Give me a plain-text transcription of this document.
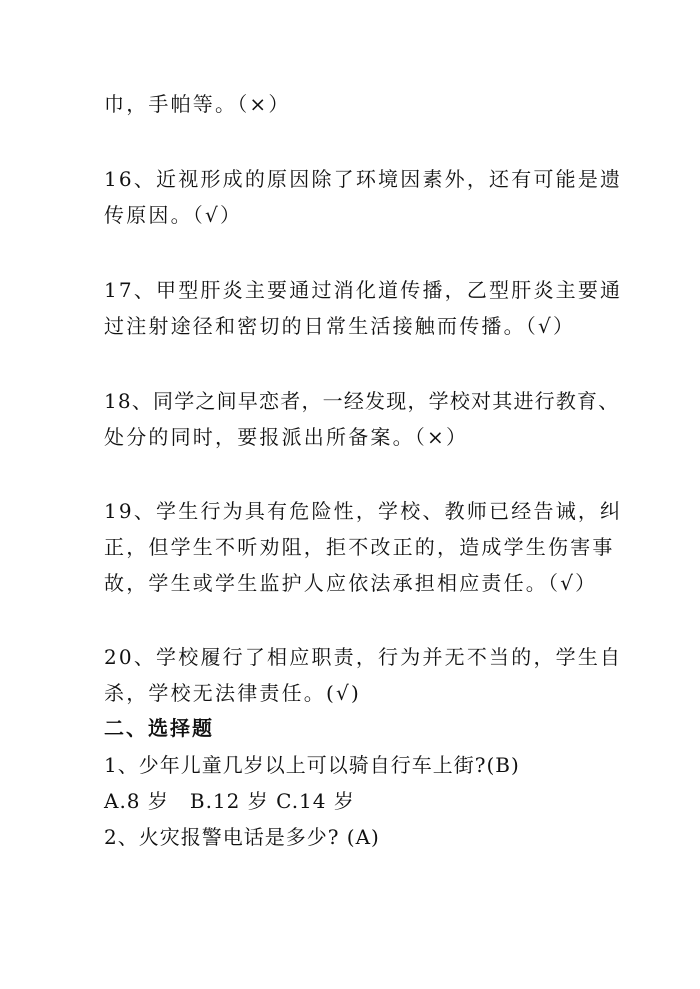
巾，手帕等。（×）
16、近视形成的原因除了环境因素外，还有可能是遗
传原因。（√）
17、甲型肝炎主要通过消化道传播，乙型肝炎主要通
过注射途径和密切的日常生活接触而传播。（√）
18、同学之间早恋者，一经发现，学校对其进行教育、
处分的同时，要报派出所备案。（×）
19、学生行为具有危险性，学校、教师已经告诫，纠
正，但学生不听劝阻，拒不改正的，造成学生伤害事
故，学生或学生监护人应依法承担相应责任。（√）
20、学校履行了相应职责，行为并无不当的，学生自
杀，学校无法律责任。(√)
二、选择题
1、少年儿童几岁以上可以骑自行车上街?(B)
A.8 岁　B.12 岁 C.14 岁
2、火灾报警电话是多少? (A)
